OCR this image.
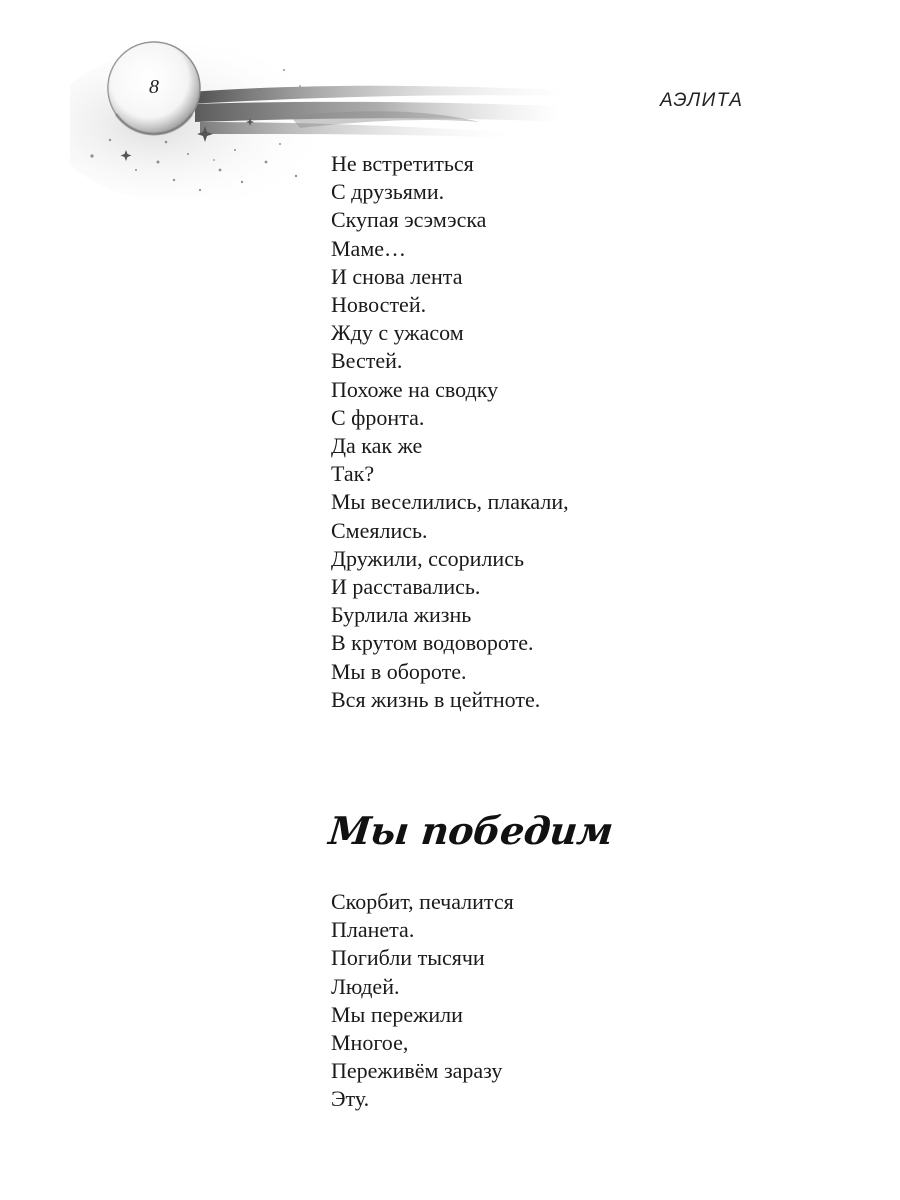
8
АЭЛИТА
Не встретиться
С друзьями.
Скупая эсэмэска
Маме…
И снова лента
Новостей.
Жду с ужасом
Вестей.
Похоже на сводку
С фронта.
Да как же
Так?
Мы веселились, плакали,
Смеялись.
Дружили, ссорились
И расставались.
Бурлила жизнь
В крутом водовороте.
Мы в обороте.
Вся жизнь в цейтноте.
Мы победим
Скорбит, печалится
Планета.
Погибли тысячи
Людей.
Мы пережили
Многое,
Переживём заразу
Эту.
